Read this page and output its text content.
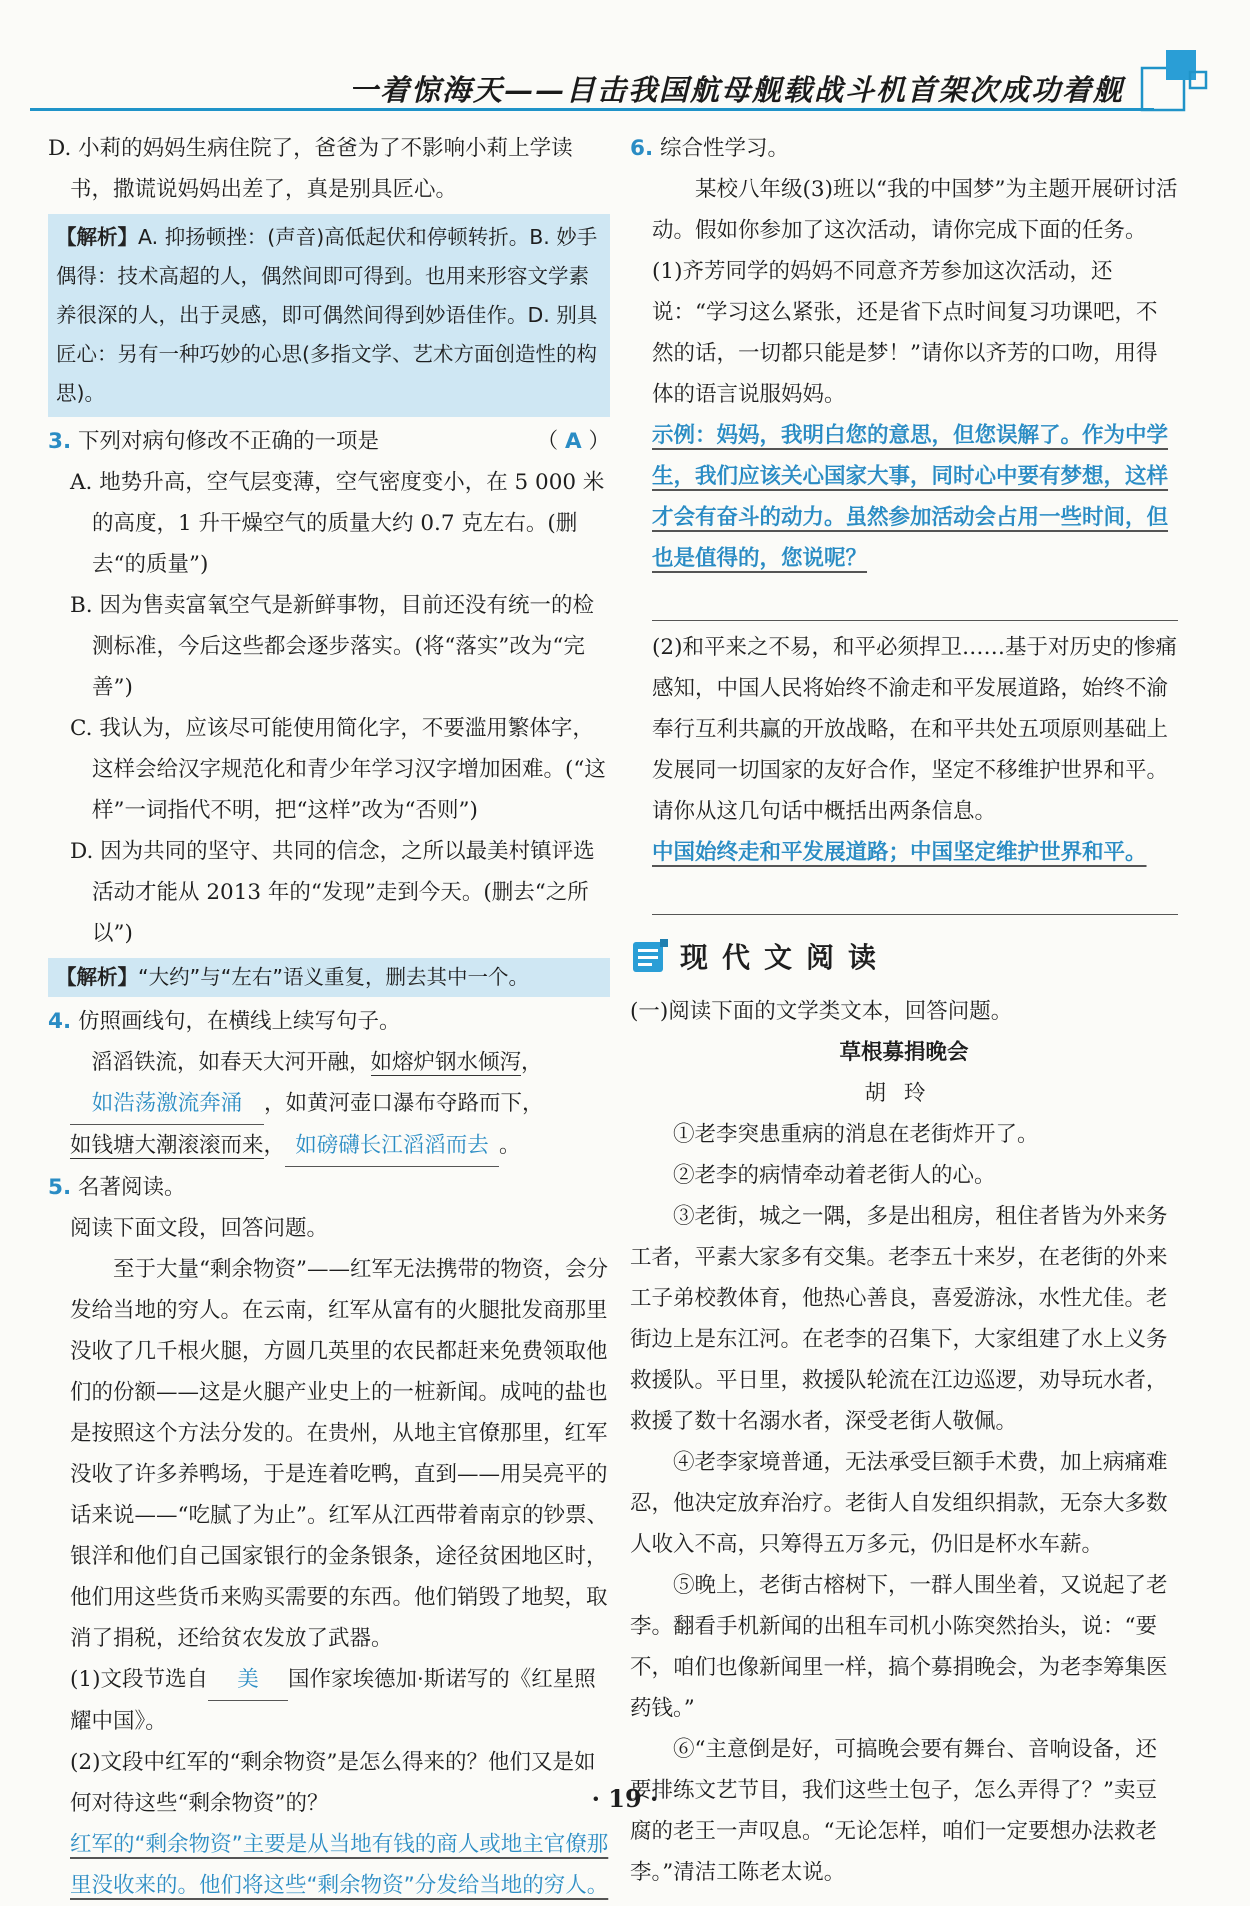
一着惊海天——目击我国航母舰载战斗机首架次成功着舰

D. 小莉的妈妈生病住院了，爸爸为了不影响小莉上学读书，撒谎说妈妈出差了，真是别具匠心。

【解析】A. 抑扬顿挫：(声音)高低起伏和停顿转折。B. 妙手偶得：技术高超的人，偶然间即可得到。也用来形容文学素养很深的人，出于灵感，即可偶然间得到妙语佳作。D. 别具匠心：另有一种巧妙的心思(多指文学、艺术方面创造性的构思)。

3. 下列对病句修改不正确的一项是	（ A ）

A. 地势升高，空气层变薄，空气密度变小，在 5 000 米的高度，1 升干燥空气的质量大约 0.7 克左右。(删去“的质量”)

B. 因为售卖富氧空气是新鲜事物，目前还没有统一的检测标准，今后这些都会逐步落实。(将“落实”改为“完善”)

C. 我认为，应该尽可能使用简化字，不要滥用繁体字，这样会给汉字规范化和青少年学习汉字增加困难。(“这样”一词指代不明，把“这样”改为“否则”)

D. 因为共同的坚守、共同的信念，之所以最美村镇评选活动才能从 2013 年的“发现”走到今天。(删去“之所以”)

【解析】“大约”与“左右”语义重复，删去其中一个。

4. 仿照画线句，在横线上续写句子。

滔滔铁流，如春天大河开融，如熔炉钢水倾泻，

如浩荡激流奔涌 ，如黄河壶口瀑布夺路而下，

如钱塘大潮滚滚而来， 如磅礴长江滔滔而去 。

5. 名著阅读。

阅读下面文段，回答问题。

至于大量“剩余物资”——红军无法携带的物资，会分发给当地的穷人。在云南，红军从富有的火腿批发商那里没收了几千根火腿，方圆几英里的农民都赶来免费领取他们的份额——这是火腿产业史上的一桩新闻。成吨的盐也是按照这个方法分发的。在贵州，从地主官僚那里，红军没收了许多养鸭场，于是连着吃鸭，直到——用吴亮平的话来说——“吃腻了为止”。红军从江西带着南京的钞票、银洋和他们自己国家银行的金条银条，途径贫困地区时，他们用这些货币来购买需要的东西。他们销毁了地契，取消了捐税，还给贫农发放了武器。

(1)文段节选自 美 国作家埃德加·斯诺写的《红星照耀中国》。

(2)文段中红军的“剩余物资”是怎么得来的？他们又是如何对待这些“剩余物资”的？

红军的“剩余物资”主要是从当地有钱的商人或地主官僚那里没收来的。他们将这些“剩余物资”分发给当地的穷人。

6. 综合性学习。

某校八年级(3)班以“我的中国梦”为主题开展研讨活动。假如你参加了这次活动，请你完成下面的任务。

(1)齐芳同学的妈妈不同意齐芳参加这次活动，还说：“学习这么紧张，还是省下点时间复习功课吧，不然的话，一切都只能是梦！”请你以齐芳的口吻，用得体的语言说服妈妈。

示例：妈妈，我明白您的意思，但您误解了。作为中学生，我们应该关心国家大事，同时心中要有梦想，这样才会有奋斗的动力。虽然参加活动会占用一些时间，但也是值得的，您说呢？

(2)和平来之不易，和平必须捍卫……基于对历史的惨痛感知，中国人民将始终不渝走和平发展道路，始终不渝奉行互利共赢的开放战略，在和平共处五项原则基础上发展同一切国家的友好合作，坚定不移维护世界和平。

请你从这几句话中概括出两条信息。

中国始终走和平发展道路；中国坚定维护世界和平。

现代文阅读

(一)阅读下面的文学类文本，回答问题。

草根募捐晚会

胡玲

①老李突患重病的消息在老街炸开了。

②老李的病情牵动着老街人的心。

③老街，城之一隅，多是出租房，租住者皆为外来务工者，平素大家多有交集。老李五十来岁，在老街的外来工子弟校教体育，他热心善良，喜爱游泳，水性尤佳。老街边上是东江河。在老李的召集下，大家组建了水上义务救援队。平日里，救援队轮流在江边巡逻，劝导玩水者，救援了数十名溺水者，深受老街人敬佩。

④老李家境普通，无法承受巨额手术费，加上病痛难忍，他决定放弃治疗。老街人自发组织捐款，无奈大多数人收入不高，只筹得五万多元，仍旧是杯水车薪。

⑤晚上，老街古榕树下，一群人围坐着，又说起了老李。翻看手机新闻的出租车司机小陈突然抬头，说：“要不，咱们也像新闻里一样，搞个募捐晚会，为老李筹集医药钱。”

⑥“主意倒是好，可搞晚会要有舞台、音响设备，还要排练文艺节目，我们这些土包子，怎么弄得了？”卖豆腐的老王一声叹息。“无论怎样，咱们一定要想办法救老李。”清洁工陈老太说。

· 19 ·
